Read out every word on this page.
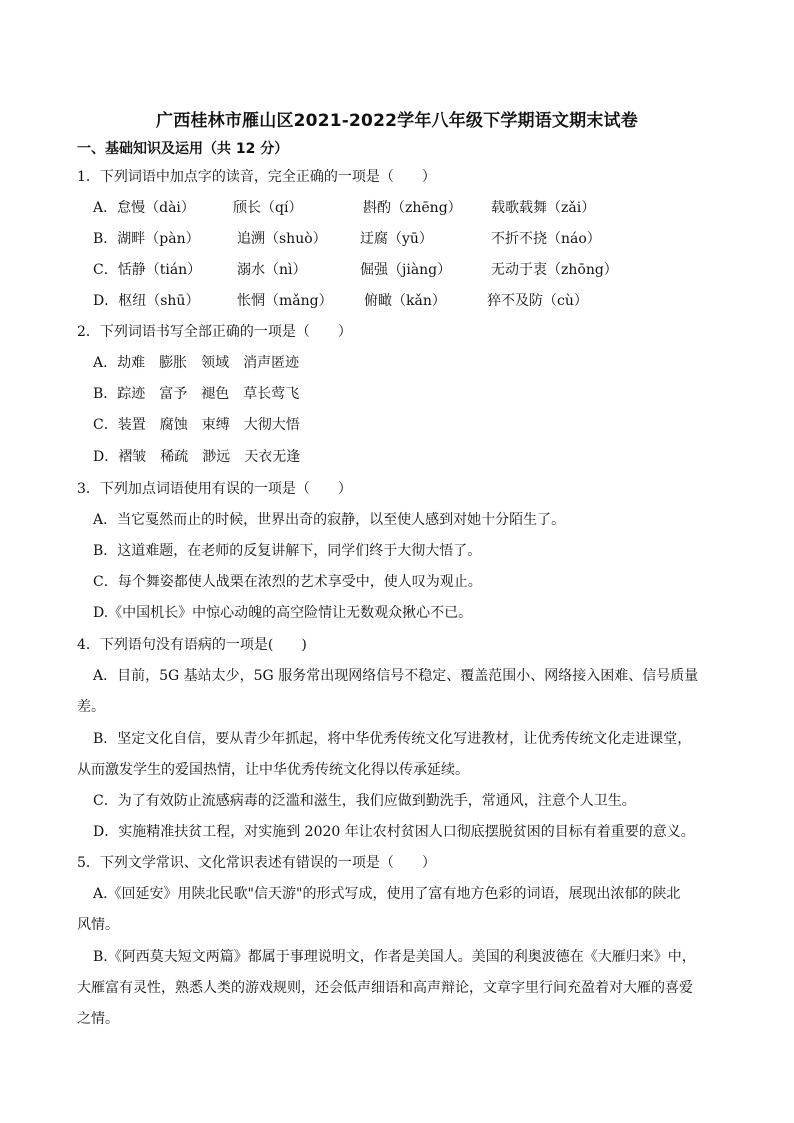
广西桂林市雁山区2021-2022学年八年级下学期语文期末试卷
一、基础知识及运用（共 12 分）
1．下列词语中加点字的读音，完全正确的一项是（　　）
A．怠慢（dài）	颀长（qí）	斟酌（zhēng） 载歌载舞（zǎi）
B．湖畔（pàn）	追溯（shuò） 迂腐（yū）	不折不挠（náo）
C．恬静（tián）	溺水（nì）	倔强（jiàng）	无动于衷（zhōng）
D．枢纽（shū）	怅惘（mǎng） 俯瞰（kǎn）	猝不及防（cù）
2．下列词语书写全部正确的一项是（　　）
A．劫难　膨胀　领域　消声匿迹
B．踪迹　富予　褪色　草长莺飞
C．装置　腐蚀　束缚　大彻大悟
D．褶皱　稀疏　渺远　天衣无逢
3．下列加点词语使用有误的一项是（　　）
A．当它戛然而止的时候，世界出奇的寂静，以至使人感到对她十分陌生了。
B．这道难题，在老师的反复讲解下，同学们终于大彻大悟了。
C．每个舞姿都使人战栗在浓烈的艺术享受中，使人叹为观止。
D.《中国机长》中惊心动魄的高空险情让无数观众揪心不已。
4．下列语句没有语病的一项是(　　)
A．目前，5G 基站太少，5G 服务常出现网络信号不稳定、覆盖范围小、网络接入困难、信号质量
差。
B．坚定文化自信，要从青少年抓起，将中华优秀传统文化写进教材，让优秀传统文化走进课堂，
从而激发学生的爱国热情，让中华优秀传统文化得以传承延续。
C．为了有效防止流感病毒的泛滥和滋生，我们应做到勤洗手，常通风，注意个人卫生。
D．实施精准扶贫工程，对实施到 2020 年让农村贫困人口彻底摆脱贫困的目标有着重要的意义。
5．下列文学常识、文化常识表述有错误的一项是（　　）
A.《回延安》用陕北民歌"信天游"的形式写成，使用了富有地方色彩的词语，展现出浓郁的陕北
风情。
B.《阿西莫夫短文两篇》都属于事理说明文，作者是美国人。美国的利奥波德在《大雁归来》中，
大雁富有灵性，熟悉人类的游戏规则，还会低声细语和高声辩论，文章字里行间充盈着对大雁的喜爱
之情。
